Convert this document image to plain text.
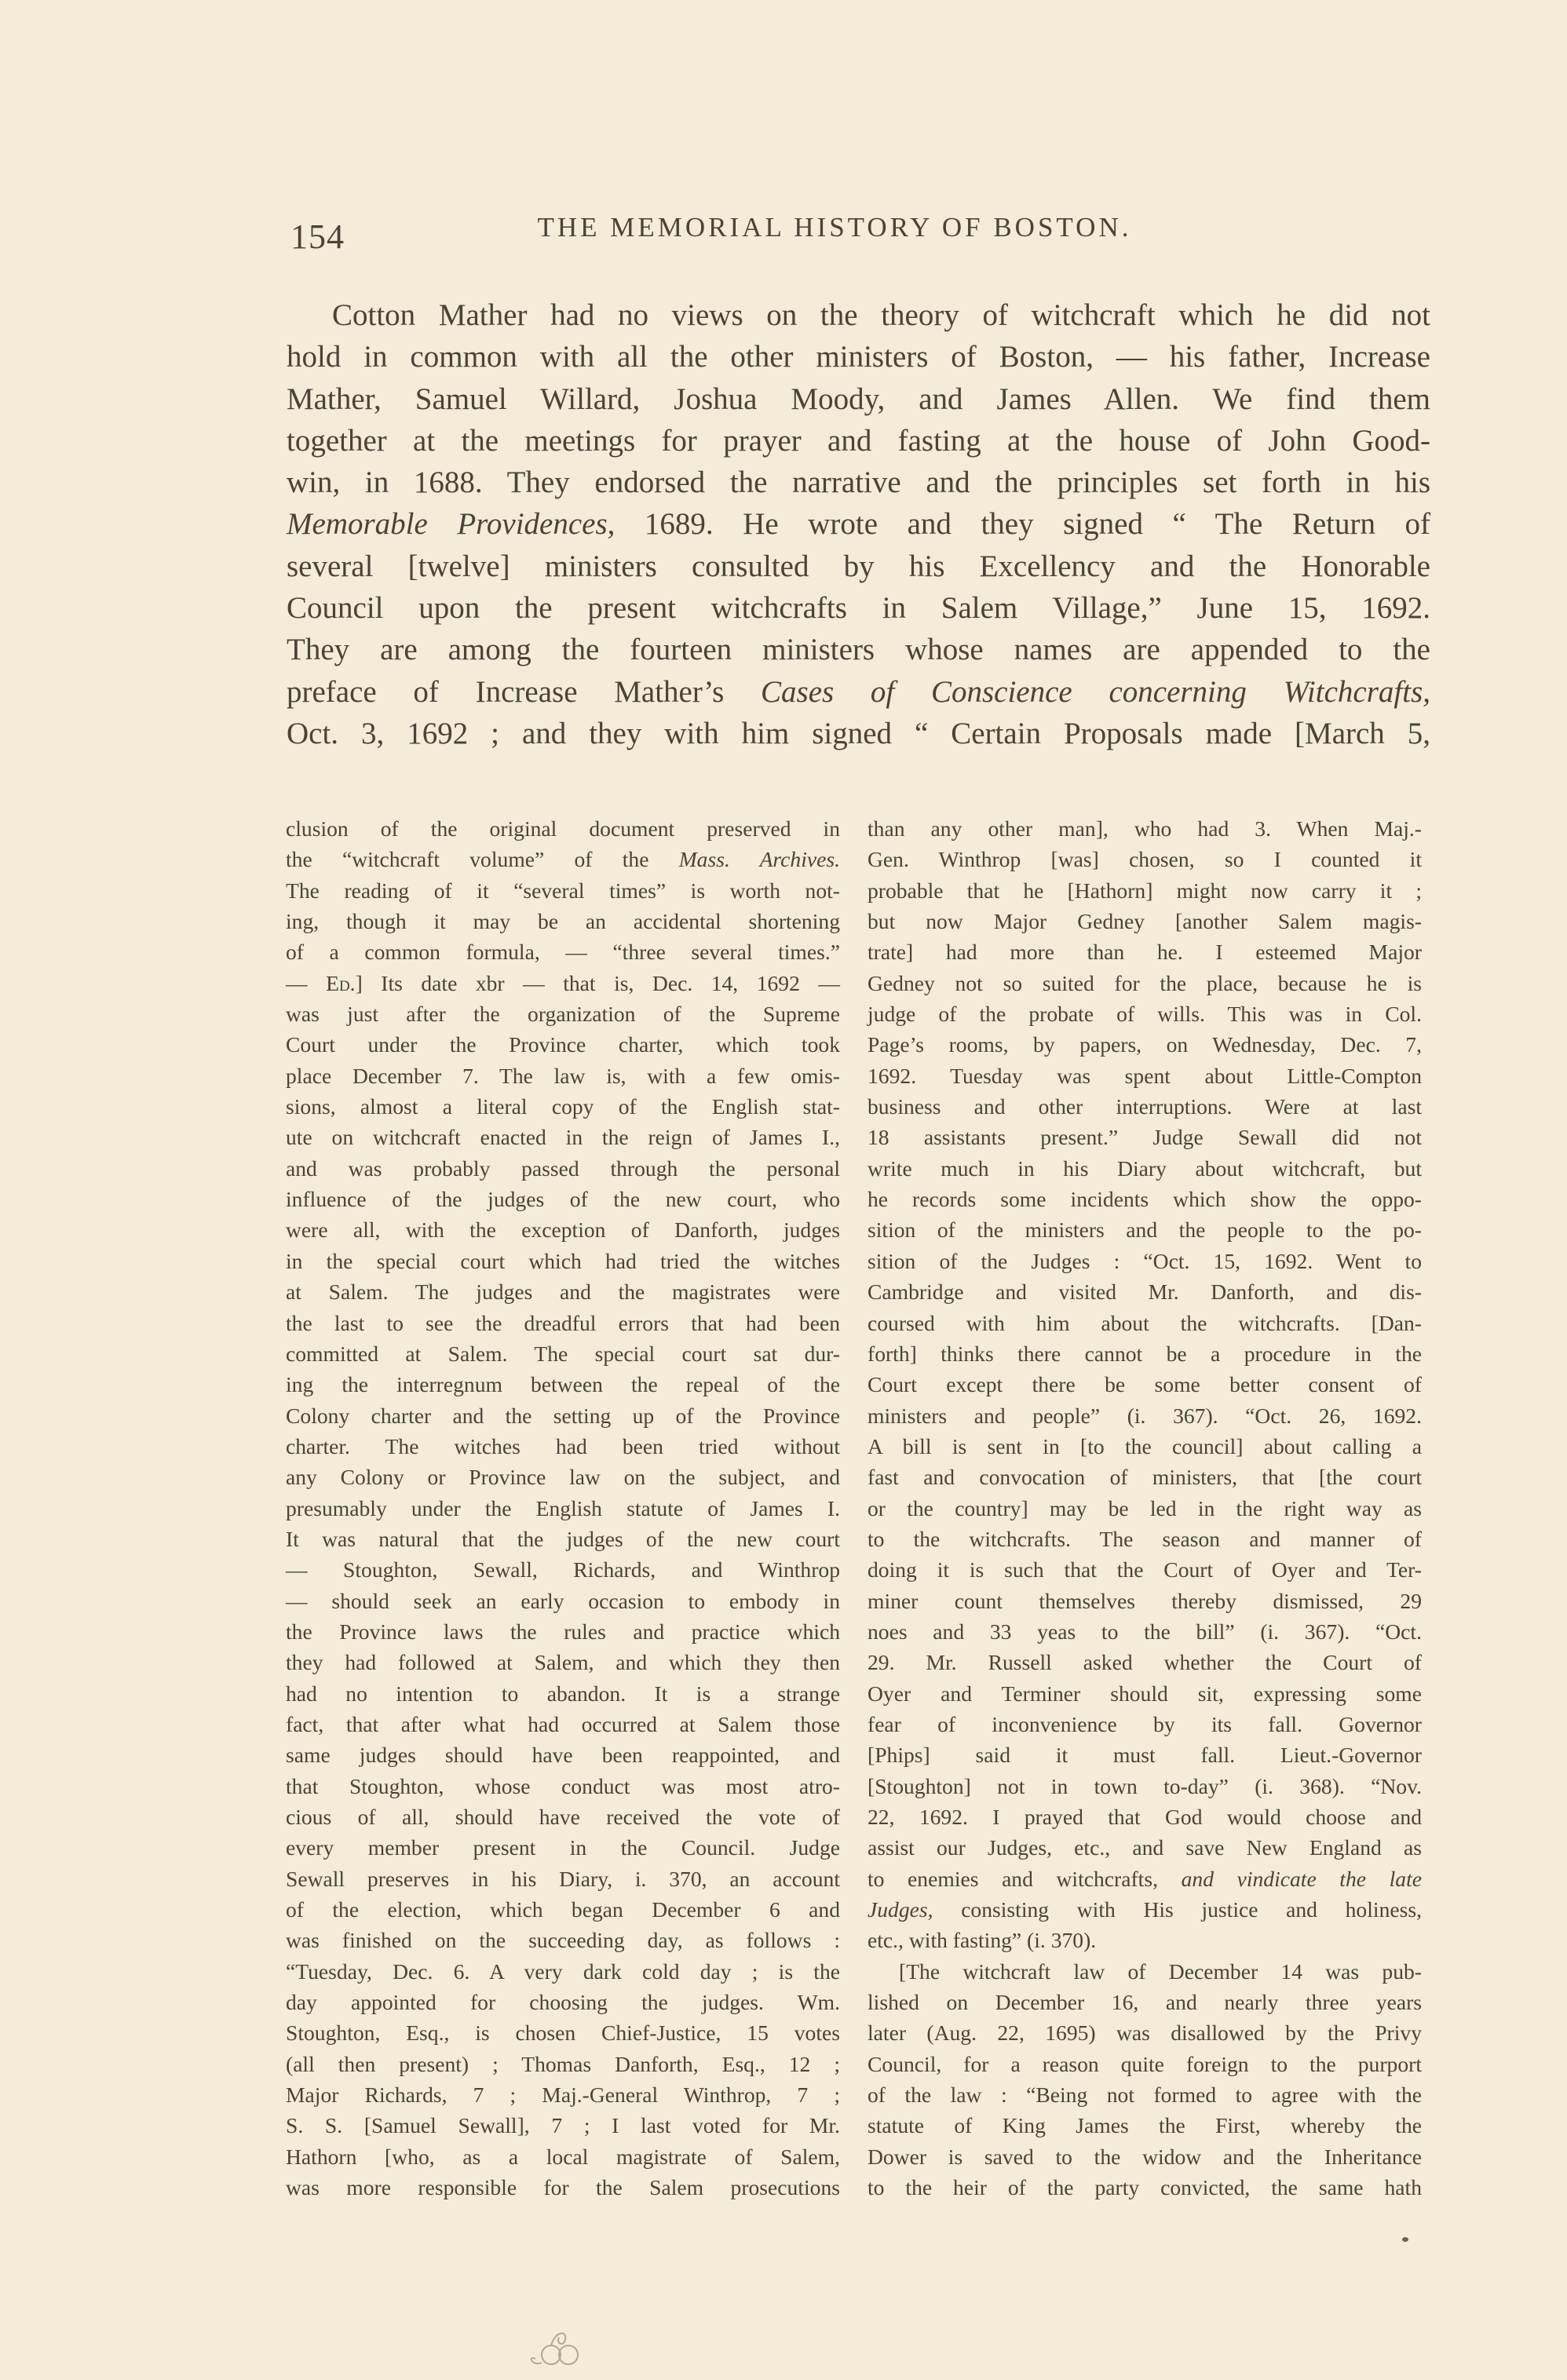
154	THE MEMORIAL HISTORY OF BOSTON.
Cotton Mather had no views on the theory of witchcraft which he did not
hold in common with all the other ministers of Boston, — his father, Increase
Mather, Samuel Willard, Joshua Moody, and James Allen. We find them
together at the meetings for prayer and fasting at the house of John Good-
win, in 1688. They endorsed the narrative and the principles set forth in his
Memorable Providences, 1689. He wrote and they signed “ The Return of
several [twelve] ministers consulted by his Excellency and the Honorable
Council upon the present witchcrafts in Salem Village,” June 15, 1692.
They are among the fourteen ministers whose names are appended to the
preface of Increase Mather’s Cases of Conscience concerning Witchcrafts,
Oct. 3, 1692 ; and they with him signed “ Certain Proposals made [March 5,
clusion of the original document preserved in
the “witchcraft volume” of the Mass. Archives.
The reading of it “several times” is worth not-
ing, though it may be an accidental shortening
of a common formula, — “three several times.”
— Ed.] Its date xbr — that is, Dec. 14, 1692 —
was just after the organization of the Supreme
Court under the Province charter, which took
place December 7. The law is, with a few omis-
sions, almost a literal copy of the English stat-
ute on witchcraft enacted in the reign of James I.,
and was probably passed through the personal
influence of the judges of the new court, who
were all, with the exception of Danforth, judges
in the special court which had tried the witches
at Salem. The judges and the magistrates were
the last to see the dreadful errors that had been
committed at Salem. The special court sat dur-
ing the interregnum between the repeal of the
Colony charter and the setting up of the Province
charter. The witches had been tried without
any Colony or Province law on the subject, and
presumably under the English statute of James I.
It was natural that the judges of the new court
— Stoughton, Sewall, Richards, and Winthrop
— should seek an early occasion to embody in
the Province laws the rules and practice which
they had followed at Salem, and which they then
had no intention to abandon. It is a strange
fact, that after what had occurred at Salem those
same judges should have been reappointed, and
that Stoughton, whose conduct was most atro-
cious of all, should have received the vote of
every member present in the Council. Judge
Sewall preserves in his Diary, i. 370, an account
of the election, which began December 6 and
was finished on the succeeding day, as follows :
“Tuesday, Dec. 6. A very dark cold day ; is the
day appointed for choosing the judges. Wm.
Stoughton, Esq., is chosen Chief-Justice, 15 votes
(all then present) ; Thomas Danforth, Esq., 12 ;
Major Richards, 7 ; Maj.-General Winthrop, 7 ;
S. S. [Samuel Sewall], 7 ; I last voted for Mr.
Hathorn [who, as a local magistrate of Salem,
was more responsible for the Salem prosecutions
than any other man], who had 3. When Maj.-
Gen. Winthrop [was] chosen, so I counted it
probable that he [Hathorn] might now carry it ;
but now Major Gedney [another Salem magis-
trate] had more than he. I esteemed Major
Gedney not so suited for the place, because he is
judge of the probate of wills. This was in Col.
Page’s rooms, by papers, on Wednesday, Dec. 7,
1692. Tuesday was spent about Little-Compton
business and other interruptions. Were at last
18 assistants present.” Judge Sewall did not
write much in his Diary about witchcraft, but
he records some incidents which show the oppo-
sition of the ministers and the people to the po-
sition of the Judges : “Oct. 15, 1692. Went to
Cambridge and visited Mr. Danforth, and dis-
coursed with him about the witchcrafts. [Dan-
forth] thinks there cannot be a procedure in the
Court except there be some better consent of
ministers and people” (i. 367). “Oct. 26, 1692.
A bill is sent in [to the council] about calling a
fast and convocation of ministers, that [the court
or the country] may be led in the right way as
to the witchcrafts. The season and manner of
doing it is such that the Court of Oyer and Ter-
miner count themselves thereby dismissed, 29
noes and 33 yeas to the bill” (i. 367). “Oct.
29. Mr. Russell asked whether the Court of
Oyer and Terminer should sit, expressing some
fear of inconvenience by its fall. Governor
[Phips] said it must fall. Lieut.-Governor
[Stoughton] not in town to-day” (i. 368). “Nov.
22, 1692. I prayed that God would choose and
assist our Judges, etc., and save New England as
to enemies and witchcrafts, and vindicate the late
Judges, consisting with His justice and holiness,
etc., with fasting” (i. 370).
[The witchcraft law of December 14 was pub-
lished on December 16, and nearly three years
later (Aug. 22, 1695) was disallowed by the Privy
Council, for a reason quite foreign to the purport
of the law : “Being not formed to agree with the
statute of King James the First, whereby the
Dower is saved to the widow and the Inheritance
to the heir of the party convicted, the same hath
